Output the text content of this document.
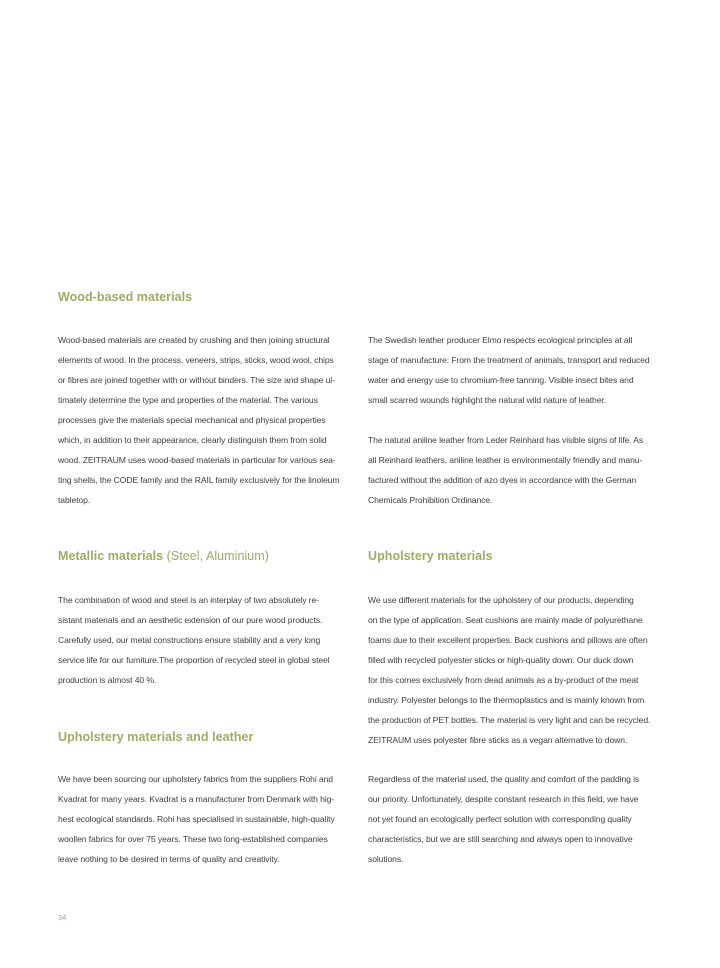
Wood-based materials

Wood-based materials are created by crushing and then joining structural
elements of wood. In the process, veneers, strips, sticks, wood wool, chips
or fibres are joined together with or without binders. The size and shape ul-
timately determine the type and properties of the material. The various
processes give the materials special mechanical and physical properties
which, in addition to their appearance, clearly distinguish them from solid
wood. ZEITRAUM uses wood-based materials in particular for various sea-
ting shells, the CODE family and the RAIL family exclusively for the linoleum
tabletop.

The Swedish leather producer Elmo respects ecological principles at all
stage of manufacture: From the treatment of animals, transport and reduced
water and energy use to chromium-free tanning. Visible insect bites and
small scarred wounds highlight the natural wild nature of leather.

The natural aniline leather from Leder Reinhard has visible signs of life. As
all Reinhard leathers, aniline leather is environmentally friendly and manu-
factured without the addition of azo dyes in accordance with the German
Chemicals Prohibition Ordinance.

Metallic materials (Steel, Aluminium)

The combination of wood and steel is an interplay of two absolutely re-
sistant materials and an aesthetic extension of our pure wood products.
Carefully used, our metal constructions ensure stability and a very long
service life for our furniture.The proportion of recycled steel in global steel
production is almost 40 %.

Upholstery materials

We use different materials for the upholstery of our products, depending
on the type of application. Seat cushions are mainly made of polyurethane
foams due to their excellent properties. Back cushions and pillows are often
filled with recycled polyester sticks or high-quality down. Our duck down
for this comes exclusively from dead animals as a by-product of the meat
industry. Polyester belongs to the thermoplastics and is mainly known from
the production of PET bottles. The material is very light and can be recycled.
ZEITRAUM uses polyester fibre sticks as a vegan alternative to down.

Regardless of the material used, the quality and comfort of the padding is
our priority. Unfortunately, despite constant research in this field, we have
not yet found an ecologically perfect solution with corresponding quality
characteristics, but we are still searching and always open to innovative
solutions.

Upholstery materials and leather

We have been sourcing our upholstery fabrics from the suppliers Rohi and
Kvadrat for many years. Kvadrat is a manufacturer from Denmark with hig-
hest ecological standards. Rohi has specialised in sustainable, high-quality
woollen fabrics for over 75 years. These two long-established companies
leave nothing to be desired in terms of quality and creativity.

34
